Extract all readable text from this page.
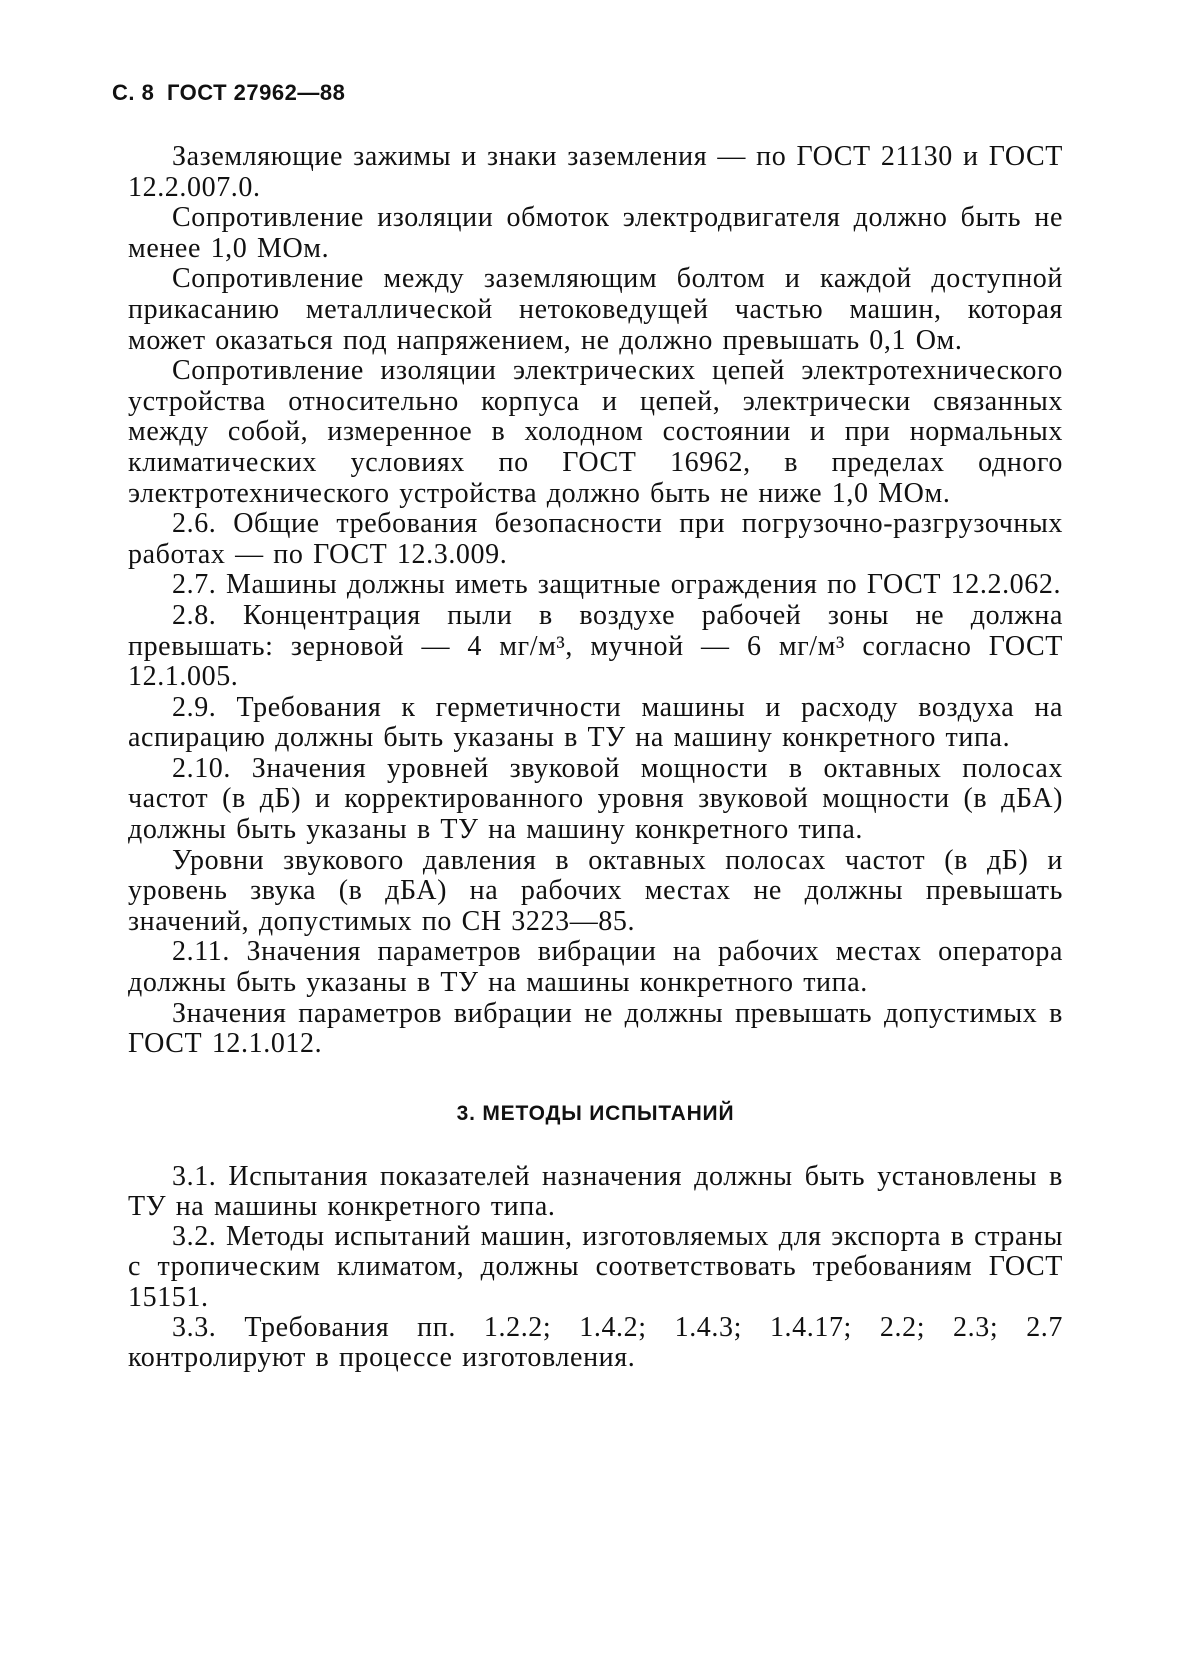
С. 8 ГОСТ 27962—88

Заземляющие зажимы и знаки заземления — по ГОСТ 21130 и ГОСТ 12.2.007.0.

Сопротивление изоляции обмоток электродвигателя должно быть не менее 1,0 МОм.

Сопротивление между заземляющим болтом и каждой доступной прикасанию металлической нетоковедущей частью машин, которая может оказаться под напряжением, не должно превышать 0,1 Ом.

Сопротивление изоляции электрических цепей электротехнического устройства относительно корпуса и цепей, электрически связанных между собой, измеренное в холодном состоянии и при нормальных климатических условиях по ГОСТ 16962, в пределах одного электротехнического устройства должно быть не ниже 1,0 МОм.

2.6. Общие требования безопасности при погрузочно-разгрузочных работах — по ГОСТ 12.3.009.

2.7. Машины должны иметь защитные ограждения по ГОСТ 12.2.062.

2.8. Концентрация пыли в воздухе рабочей зоны не должна превышать: зерновой — 4 мг/м³, мучной — 6 мг/м³ согласно ГОСТ 12.1.005.

2.9. Требования к герметичности машины и расходу воздуха на аспирацию должны быть указаны в ТУ на машину конкретного типа.

2.10. Значения уровней звуковой мощности в октавных полосах частот (в дБ) и корректированного уровня звуковой мощности (в дБА) должны быть указаны в ТУ на машину конкретного типа.

Уровни звукового давления в октавных полосах частот (в дБ) и уровень звука (в дБА) на рабочих местах не должны превышать значений, допустимых по СН 3223—85.

2.11. Значения параметров вибрации на рабочих местах оператора должны быть указаны в ТУ на машины конкретного типа.

Значения параметров вибрации не должны превышать допустимых в ГОСТ 12.1.012.

3. МЕТОДЫ ИСПЫТАНИЙ

3.1. Испытания показателей назначения должны быть установлены в ТУ на машины конкретного типа.

3.2. Методы испытаний машин, изготовляемых для экспорта в страны с тропическим климатом, должны соответствовать требованиям ГОСТ 15151.

3.3. Требования пп. 1.2.2; 1.4.2; 1.4.3; 1.4.17; 2.2; 2.3; 2.7 контролируют в процессе изготовления.
